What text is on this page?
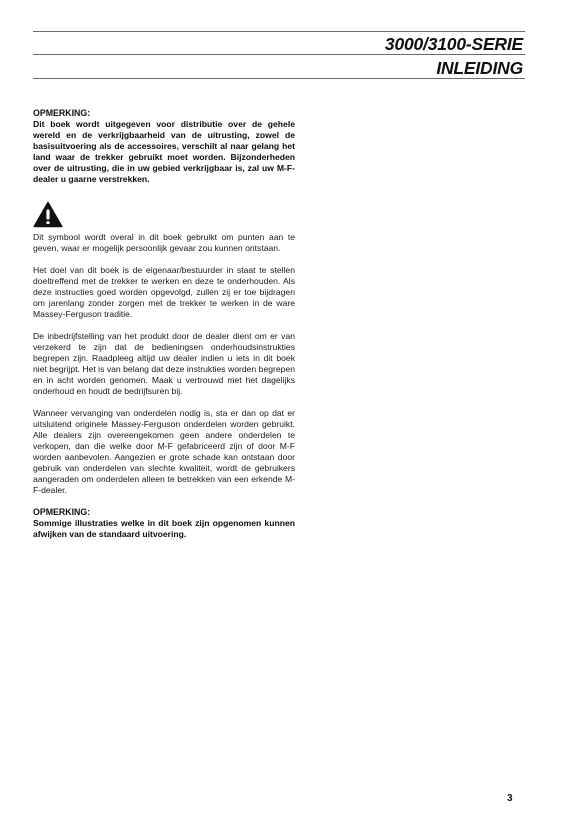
3000/3100-SERIE
INLEIDING

OPMERKING:

Dit boek wordt uitgegeven voor distributie over de gehele wereld en de verkrijgbaarheid van de uitrusting, zowel de basisuitvoering als de accessoires, verschilt al naar gelang het land waar de trekker gebruikt moet worden. Bijzonderheden over de uitrusting, die in uw gebied verkrijgbaar is, zal uw M-F-dealer u gaarne verstrekken.

Dit symbool wordt overal in dit boek gebruikt om punten aan te geven, waar er mogelijk persoonlijk gevaar zou kunnen ontstaan.

Het doel van dit boek is de eigenaar/bestuurder in staat te stellen doeltreffend met de trekker te werken en deze te onderhouden. Als deze instructies goed worden opgevolgd, zullen zij er toe bijdragen om jarenlang zonder zorgen met de trekker te werken in de ware Massey-Ferguson traditie.

De inbedrijfstelling van het produkt door de dealer dient om er van verzekerd te zijn dat de bedieningsen onderhoudsinstrukties begrepen zijn. Raadpleeg altijd uw dealer indien u iets in dit boek niet begrijpt. Het is van belang dat deze instrukties worden begrepen en in acht worden genomen. Maak u vertrouwd met het dagelijks onderhoud en houdt de bedrijfsuren bij.

Wanneer vervanging van onderdelen nodig is, sta er dan op dat er uitsluitend originele Massey-Ferguson onderdelen worden gebruikt. Alle dealers zijn overeengekomen geen andere onderdelen te verkopen, dan die welke door M-F gefabriceerd zijn of door M-F worden aanbevolen. Aangezien er grote schade kan ontstaan door gebruik van onderdelen van slechte kwaliteit, wordt de gebruikers aangeraden om onderdelen alleen te betrekken van een erkende M-F-dealer.

OPMERKING:

Sommige illustraties welke in dit boek zijn opgenomen kunnen afwijken van de standaard uitvoering.

3
